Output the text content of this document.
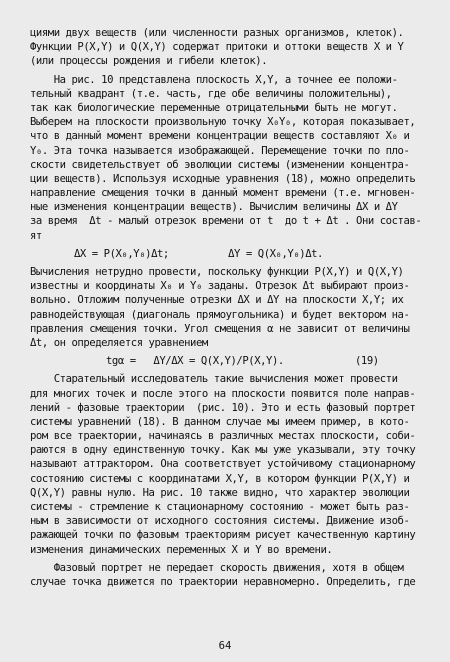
циями двух веществ (или численности разных организмов, клеток).
Функции P(X,Y) и Q(X,Y) содержат притоки и оттоки веществ X и Y
(или процессы рождения и гибели клеток).
На рис. 10 представлена плоскость X,Y, а точнее ее положи-
тельный квадрант (т.е. часть, где обе величины положительны),
так как биологические переменные отрицательными быть не могут.
Выберем на плоскости произвольную точку X₀Y₀, которая показывает,
что в данный момент времени концентрации веществ составляют X₀ и
Y₀. Эта точка называется изображающей. Перемещение точки по пло-
скости свидетельствует об эволюции системы (изменении концентра-
ции веществ). Используя исходные уравнения (18), можно определить
направление смещения точки в данный момент времени (т.е. мгновен-
ные изменения концентрации веществ). Вычислим величины ΔX и ΔY
за время  Δt - малый отрезок времени от t  до t + Δt . Они состав-
ят
ΔX = P(X₀,Y₀)Δt;          ΔY = Q(X₀,Y₀)Δt.
Вычисления нетрудно провести, поскольку функции P(X,Y) и Q(X,Y)
известны и координаты X₀ и Y₀ заданы. Отрезок Δt выбирают произ-
вольно. Отложим полученные отрезки ΔX и ΔY на плоскости X,Y; их
равнодействующая (диагональ прямоугольника) и будет вектором на-
правления смещения точки. Угол смещения α не зависит от величины
Δt, он определяется уравнением
tgα =   ΔY/ΔX = Q(X,Y)/P(X,Y).            (19)
Старательный исследователь такие вычисления может провести
для многих точек и после этого на плоскости появится поле направ-
лений - фазовые траектории  (рис. 10). Это и есть фазовый портрет
системы уравнений (18). В данном случае мы имеем пример, в кото-
ром все траектории, начинаясь в различных местах плоскости, соби-
раются в одну единственную точку. Как мы уже указывали, эту точку
называют аттрактором. Она соответствует устойчивому стационарному
состоянию системы с координатами X,Y, в котором функции P(X,Y) и
Q(X,Y) равны нулю. На рис. 10 также видно, что характер эволюции
системы - стремление к стационарному состоянию - может быть раз-
ным в зависимости от исходного состояния системы. Движение изоб-
ражающей точки по фазовым траекториям рисует качественную картину
изменения динамических переменных X и Y во времени.
Фазовый портрет не передает скорость движения, хотя в общем
случае точка движется по траектории неравномерно. Определить, где
64
